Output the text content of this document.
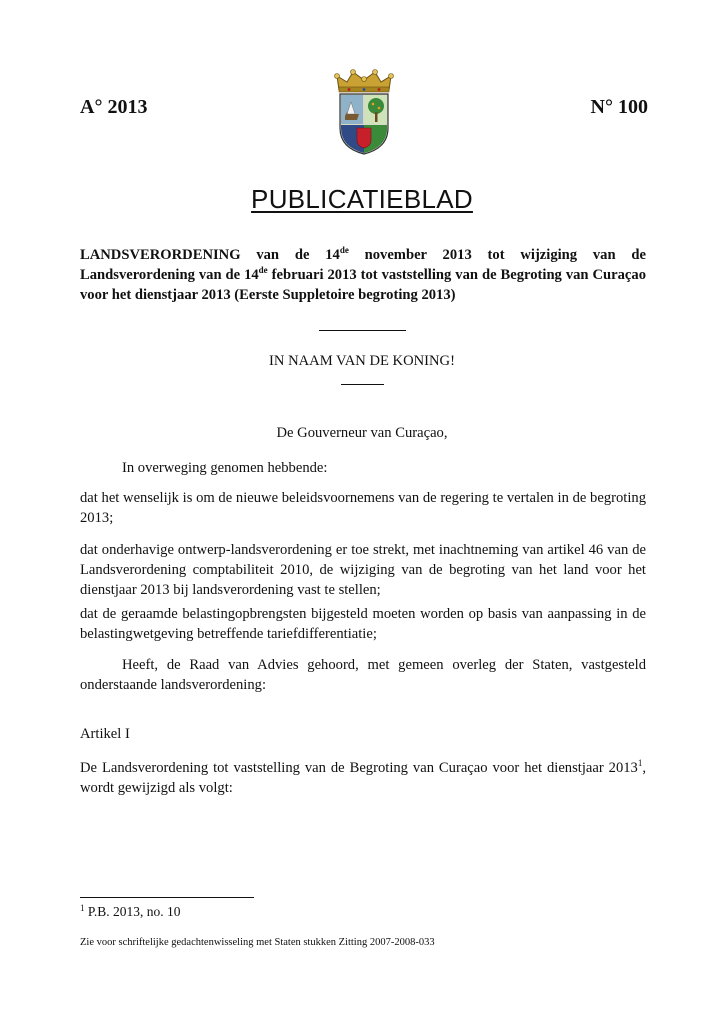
A° 2013	N° 100
PUBLICATIEBLAD
LANDSVERORDENING van de 14de november 2013 tot wijziging van de Landsverordening van de 14de februari 2013 tot vaststelling van de Begroting van Curaçao voor het dienstjaar 2013 (Eerste Suppletoire begroting 2013)
IN NAAM VAN DE KONING!
De Gouverneur van Curaçao,
In overweging genomen hebbende:
dat het wenselijk is om de nieuwe beleidsvoornemens van de regering te vertalen in de begroting 2013;
dat onderhavige ontwerp-landsverordening er toe strekt, met inachtneming van artikel 46 van de Landsverordening comptabiliteit 2010, de wijziging van de begroting van het land voor het dienstjaar 2013 bij landsverordening vast te stellen;
dat de geraamde belastingopbrengsten bijgesteld moeten worden op basis van aanpassing in de belastingwetgeving betreffende tariefdifferentiatie;
Heeft, de Raad van Advies gehoord, met gemeen overleg der Staten, vastgesteld onderstaande landsverordening:
Artikel I
De Landsverordening tot vaststelling van de Begroting van Curaçao voor het dienstjaar 2013$^1$, wordt gewijzigd als volgt:
$^1$ P.B. 2013, no. 10
Zie voor schriftelijke gedachtenwisseling met Staten stukken Zitting 2007-2008-033
